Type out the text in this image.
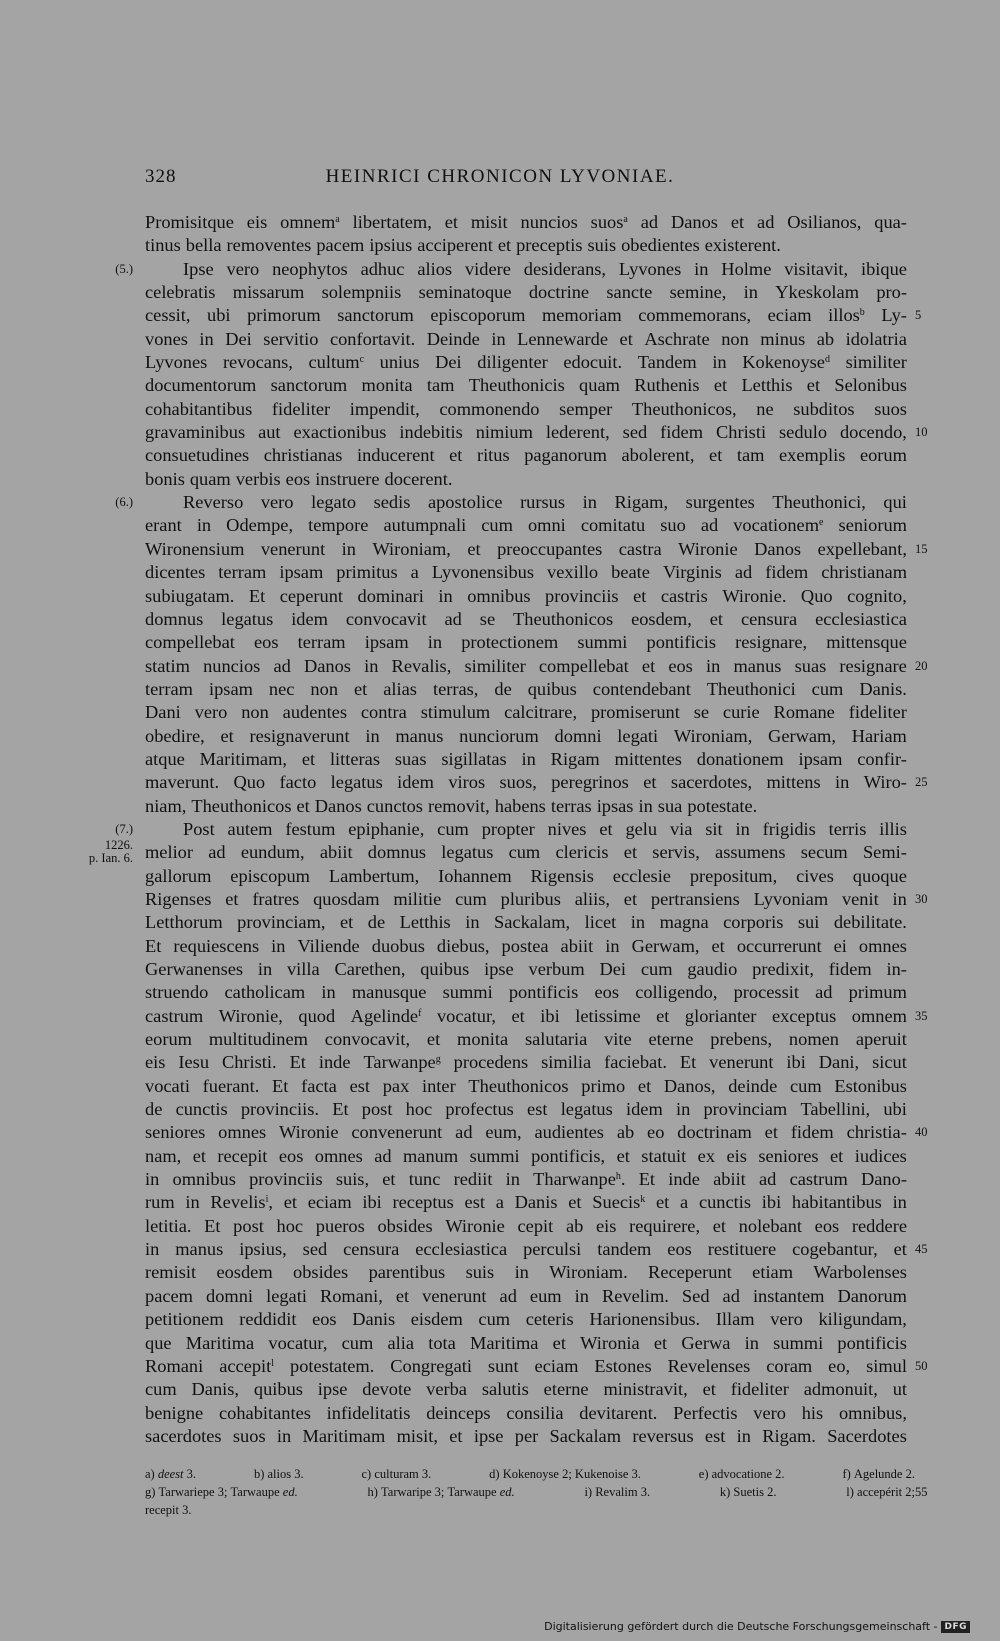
328	HEINRICI CHRONICON LYVONIAE.
Promisitque eis omnem$^a$ libertatem, et misit nuncios suos$^a$ ad Danos et ad Osilianos, qua-
tinus bella removentes pacem ipsius acciperent et preceptis suis obedientes existerent.
Ipse vero neophytos adhuc alios videre desiderans, Lyvones in Holme visitavit, ibique
(5.)
celebratis missarum solempniis seminatoque doctrine sancte semine, in Ykeskolam pro-
cessit, ubi primorum sanctorum episcoporum memoriam commemorans, eciam illos$^b$ Ly- 5
vones in Dei servitio confortavit. Deinde in Lennewarde et Aschrate non minus ab idolatria
Lyvones revocans, cultum$^c$ unius Dei diligenter edocuit. Tandem in Kokenoyse$^d$ similiter
documentorum sanctorum monita tam Theuthonicis quam Ruthenis et Letthis et Selonibus
cohabitantibus fideliter impendit, commonendo semper Theuthonicos, ne subditos suos
gravaminibus aut exactionibus indebitis nimium lederent, sed fidem Christi sedulo docendo, 10
consuetudines christianas inducerent et ritus paganorum abolerent, et tam exemplis eorum
bonis quam verbis eos instruere docerent.
Reverso vero legato sedis apostolice rursus in Rigam, surgentes Theuthonici, qui
(6.)
erant in Odempe, tempore autumpnali cum omni comitatu suo ad vocationem$^e$ seniorum
Wironensium venerunt in Wironiam, et preoccupantes castra Wironie Danos expellebant, 15
dicentes terram ipsam primitus a Lyvonensibus vexillo beate Virginis ad fidem christianam
subiugatam. Et ceperunt dominari in omnibus provinciis et castris Wironie. Quo cognito,
domnus legatus idem convocavit ad se Theuthonicos eosdem, et censura ecclesiastica
compellebat eos terram ipsam in protectionem summi pontificis resignare, mittensque
statim nuncios ad Danos in Revalis, similiter compellebat et eos in manus suas resignare 20
terram ipsam nec non et alias terras, de quibus contendebant Theuthonici cum Danis.
Dani vero non audentes contra stimulum calcitrare, promiserunt se curie Romane fideliter
obedire, et resignaverunt in manus nunciorum domni legati Wironiam, Gerwam, Hariam
atque Maritimam, et litteras suas sigillatas in Rigam mittentes donationem ipsam confir-
maverunt. Quo facto legatus idem viros suos, peregrinos et sacerdotes, mittens in Wiro- 25
niam, Theuthonicos et Danos cunctos removit, habens terras ipsas in sua potestate.
Post autem festum epiphanie, cum propter nives et gelu via sit in frigidis terris illis
(7.)
melior ad eundum, abiit domnus legatus cum clericis et servis, assumens secum Semi-
1226.
p. Ian. 6.
gallorum episcopum Lambertum, Iohannem Rigensis ecclesie prepositum, cives quoque
Rigenses et fratres quosdam militie cum pluribus aliis, et pertransiens Lyvoniam venit in 30
Letthorum provinciam, et de Letthis in Sackalam, licet in magna corporis sui debilitate.
Et requiescens in Viliende duobus diebus, postea abiit in Gerwam, et occurrerunt ei omnes
Gerwanenses in villa Carethen, quibus ipse verbum Dei cum gaudio predixit, fidem in-
struendo catholicam in manusque summi pontificis eos colligendo, processit ad primum
castrum Wironie, quod Agelinde$^f$ vocatur, et ibi letissime et glorianter exceptus omnem 35
eorum multitudinem convocavit, et monita salutaria vite eterne prebens, nomen aperuit
eis Iesu Christi. Et inde Tarwanpe$^g$ procedens similia faciebat. Et venerunt ibi Dani, sicut
vocati fuerant. Et facta est pax inter Theuthonicos primo et Danos, deinde cum Estonibus
de cunctis provinciis. Et post hoc profectus est legatus idem in provinciam Tabellini, ubi
seniores omnes Wironie convenerunt ad eum, audientes ab eo doctrinam et fidem christia- 40
nam, et recepit eos omnes ad manum summi pontificis, et statuit ex eis seniores et iudices
in omnibus provinciis suis, et tunc rediit in Tharwanpe$^h$. Et inde abiit ad castrum Dano-
rum in Revelis$^i$, et eciam ibi receptus est a Danis et Suecis$^k$ et a cunctis ibi habitantibus in
letitia. Et post hoc pueros obsides Wironie cepit ab eis requirere, et nolebant eos reddere
in manus ipsius, sed censura ecclesiastica perculsi tandem eos restituere cogebantur, et 45
remisit eosdem obsides parentibus suis in Wironiam. Receperunt etiam Warbolenses
pacem domni legati Romani, et venerunt ad eum in Revelim. Sed ad instantem Danorum
petitionem reddidit eos Danis eisdem cum ceteris Harionensibus. Illam vero kiligundam,
que Maritima vocatur, cum alia tota Maritima et Wironia et Gerwa in summi pontificis
Romani accepit$^l$ potestatem. Congregati sunt eciam Estones Revelenses coram eo, simul 50
cum Danis, quibus ipse devote verba salutis eterne ministravit, et fideliter admonuit, ut
benigne cohabitantes infidelitatis deinceps consilia devitarent. Perfectis vero his omnibus,
sacerdotes suos in Maritimam misit, et ipse per Sackalam reversus est in Rigam. Sacerdotes
a) deest 3.	b) alios 3.	c) culturam 3.	d) Kokenoyse 2; Kukenoise 3.	e) advocatione 2.	f) Agelunde 2.
g) Tarwariepe 3; Tarwaupe ed.	h) Tarwaripe 3; Tarwaupe ed.	i) Revalim 3.	k) Suetis 2.	l) accepérit 2; 55
recepit 3.
Digitalisierung gefördert durch die Deutsche Forschungsgemeinschaft - DFG
